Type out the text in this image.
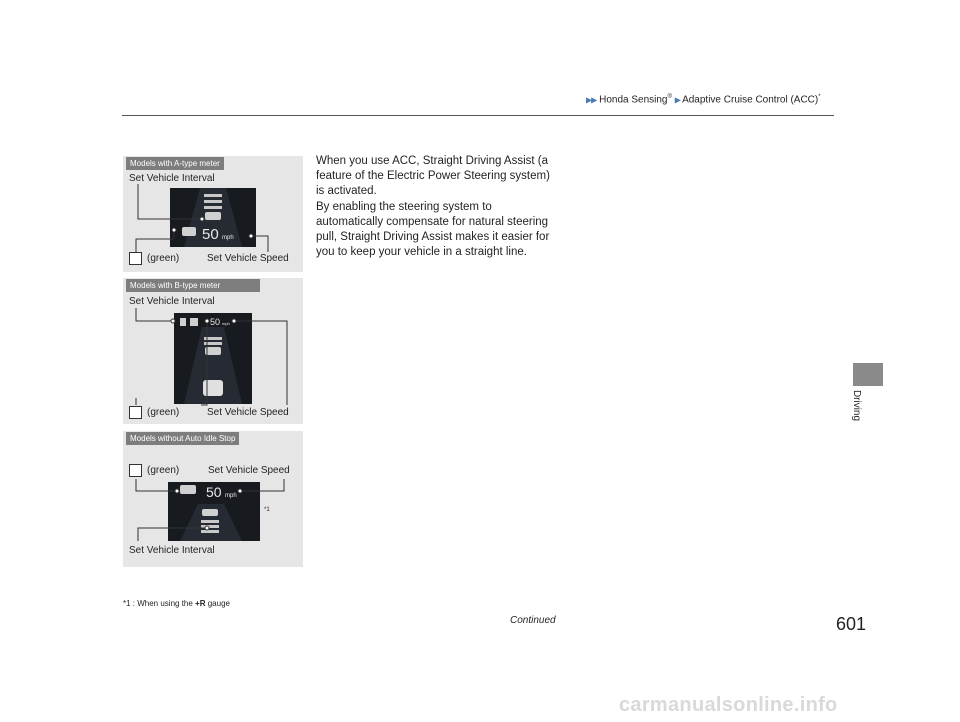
▶▶ Honda Sensing® ▶ Adaptive Cruise Control (ACC)*
Driving
Models with A-type meter
Set Vehicle Interval
50 mph
(green)	Set Vehicle Speed
Models with B-type meter
Set Vehicle Interval
50 mph
(green)	Set Vehicle Speed
Models without Auto Idle Stop
(green)	Set Vehicle Speed
50 mph
Set Vehicle Interval
*1

When you use ACC, Straight Driving Assist (a feature of the Electric Power Steering system) is activated.

By enabling the steering system to automatically compensate for natural steering pull, Straight Driving Assist makes it easier for you to keep your vehicle in a straight line.

*1 : When using the +R gauge
Continued	601
carmanualsonline.info
